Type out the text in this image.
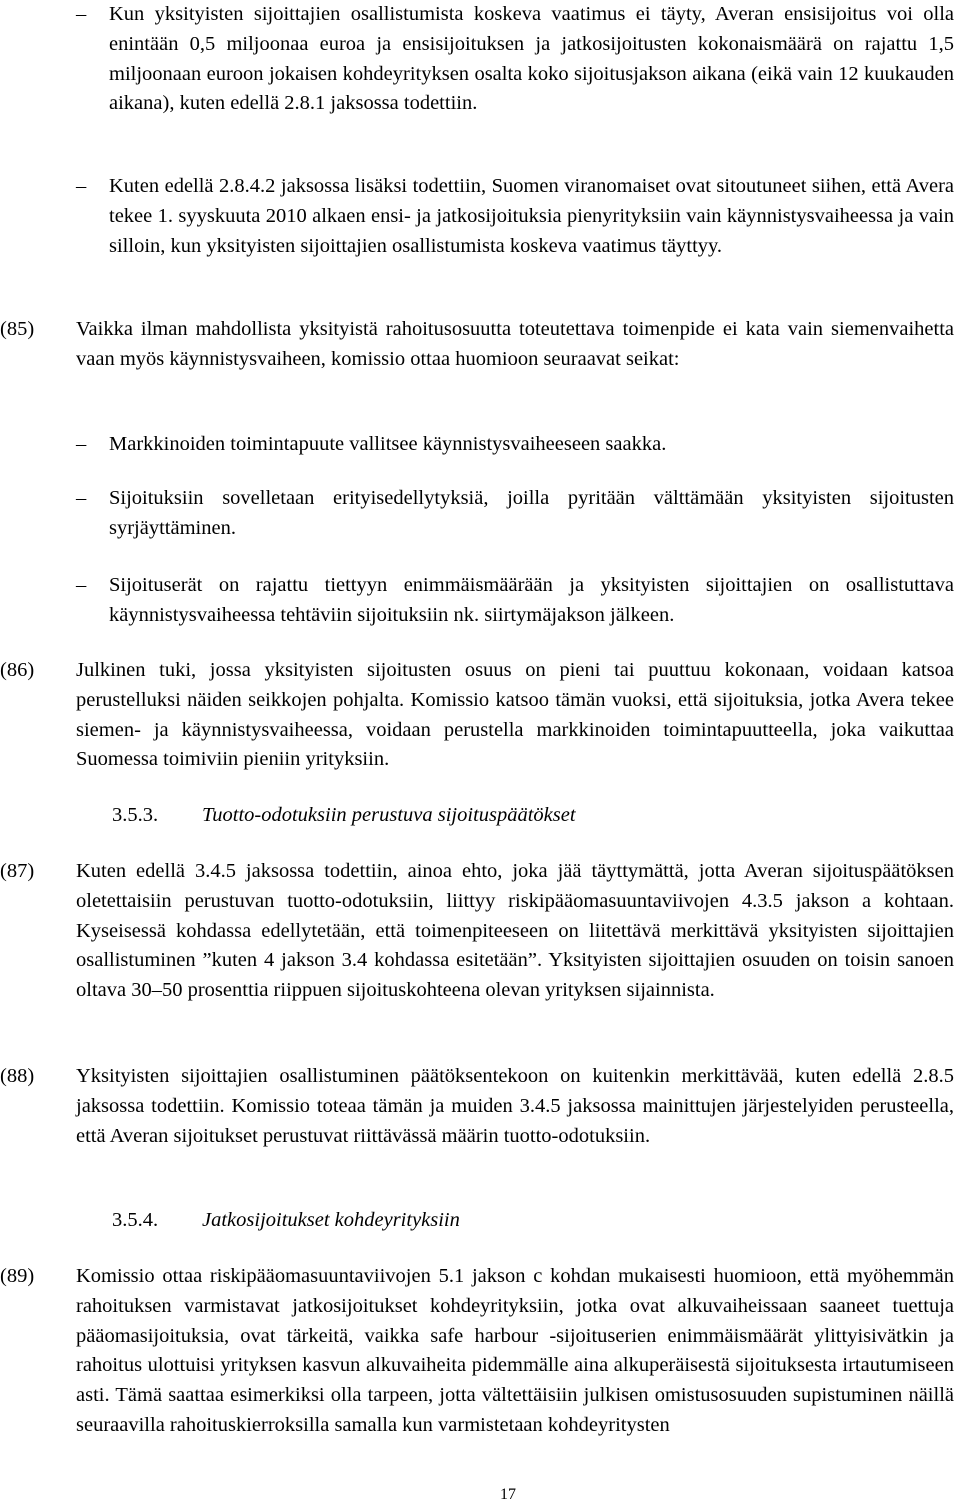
– Kun yksityisten sijoittajien osallistumista koskeva vaatimus ei täyty, Averan ensisijoitus voi olla enintään 0,5 miljoonaa euroa ja ensisijoituksen ja jatkosijoitusten kokonaismäärä on rajattu 1,5 miljoonaan euroon jokaisen kohdeyrityksen osalta koko sijoitusjakson aikana (eikä vain 12 kuukauden aikana), kuten edellä 2.8.1 jaksossa todettiin.
– Kuten edellä 2.8.4.2 jaksossa lisäksi todettiin, Suomen viranomaiset ovat sitoutuneet siihen, että Avera tekee 1. syyskuuta 2010 alkaen ensi- ja jatkosijoituksia pienyrityksiin vain käynnistysvaiheessa ja vain silloin, kun yksityisten sijoittajien osallistumista koskeva vaatimus täyttyy.
(85) Vaikka ilman mahdollista yksityistä rahoitusosuutta toteutettava toimenpide ei kata vain siemenvaihetta vaan myös käynnistysvaiheen, komissio ottaa huomioon seuraavat seikat:
– Markkinoiden toimintapuute vallitsee käynnistysvaiheeseen saakka.
– Sijoituksiin sovelletaan erityisedellytyksiä, joilla pyritään välttämään yksityisten sijoitusten syrjäyttäminen.
– Sijoituserät on rajattu tiettyyn enimmäismäärään ja yksityisten sijoittajien on osallistuttava käynnistysvaiheessa tehtäviin sijoituksiin nk. siirtymäjakson jälkeen.
(86) Julkinen tuki, jossa yksityisten sijoitusten osuus on pieni tai puuttuu kokonaan, voidaan katsoa perustelluksi näiden seikkojen pohjalta. Komissio katsoo tämän vuoksi, että sijoituksia, jotka Avera tekee siemen- ja käynnistysvaiheessa, voidaan perustella markkinoiden toimintapuutteella, joka vaikuttaa Suomessa toimiviin pieniin yrityksiin.
3.5.3. Tuotto-odotuksiin perustuva sijoituspäätökset
(87) Kuten edellä 3.4.5 jaksossa todettiin, ainoa ehto, joka jää täyttymättä, jotta Averan sijoituspäätöksen oletettaisiin perustuvan tuotto-odotuksiin, liittyy riskipääomasuuntaviivojen 4.3.5 jakson a kohtaan. Kyseisessä kohdassa edellytetään, että toimenpiteeseen on liitettävä merkittävä yksityisten sijoittajien osallistuminen ”kuten 4 jakson 3.4 kohdassa esitetään”. Yksityisten sijoittajien osuuden on toisin sanoen oltava 30–50 prosenttia riippuen sijoituskohteena olevan yrityksen sijainnista.
(88) Yksityisten sijoittajien osallistuminen päätöksentekoon on kuitenkin merkittävää, kuten edellä 2.8.5 jaksossa todettiin. Komissio toteaa tämän ja muiden 3.4.5 jaksossa mainittujen järjestelyiden perusteella, että Averan sijoitukset perustuvat riittävässä määrin tuotto-odotuksiin.
3.5.4. Jatkosijoitukset kohdeyrityksiin
(89) Komissio ottaa riskipääomasuuntaviivojen 5.1 jakson c kohdan mukaisesti huomioon, että myöhemmän rahoituksen varmistavat jatkosijoitukset kohdeyrityksiin, jotka ovat alkuvaiheissaan saaneet tuettuja pääomasijoituksia, ovat tärkeitä, vaikka safe harbour -sijoituserien enimmäismäärät ylittyisivätkin ja rahoitus ulottuisi yrityksen kasvun alkuvaiheita pidemmälle aina alkuperäisestä sijoituksesta irtautumiseen asti. Tämä saattaa esimerkiksi olla tarpeen, jotta vältettäisiin julkisen omistusosuuden supistuminen näillä seuraavilla rahoituskierroksilla samalla kun varmistetaan kohdeyritysten
17
